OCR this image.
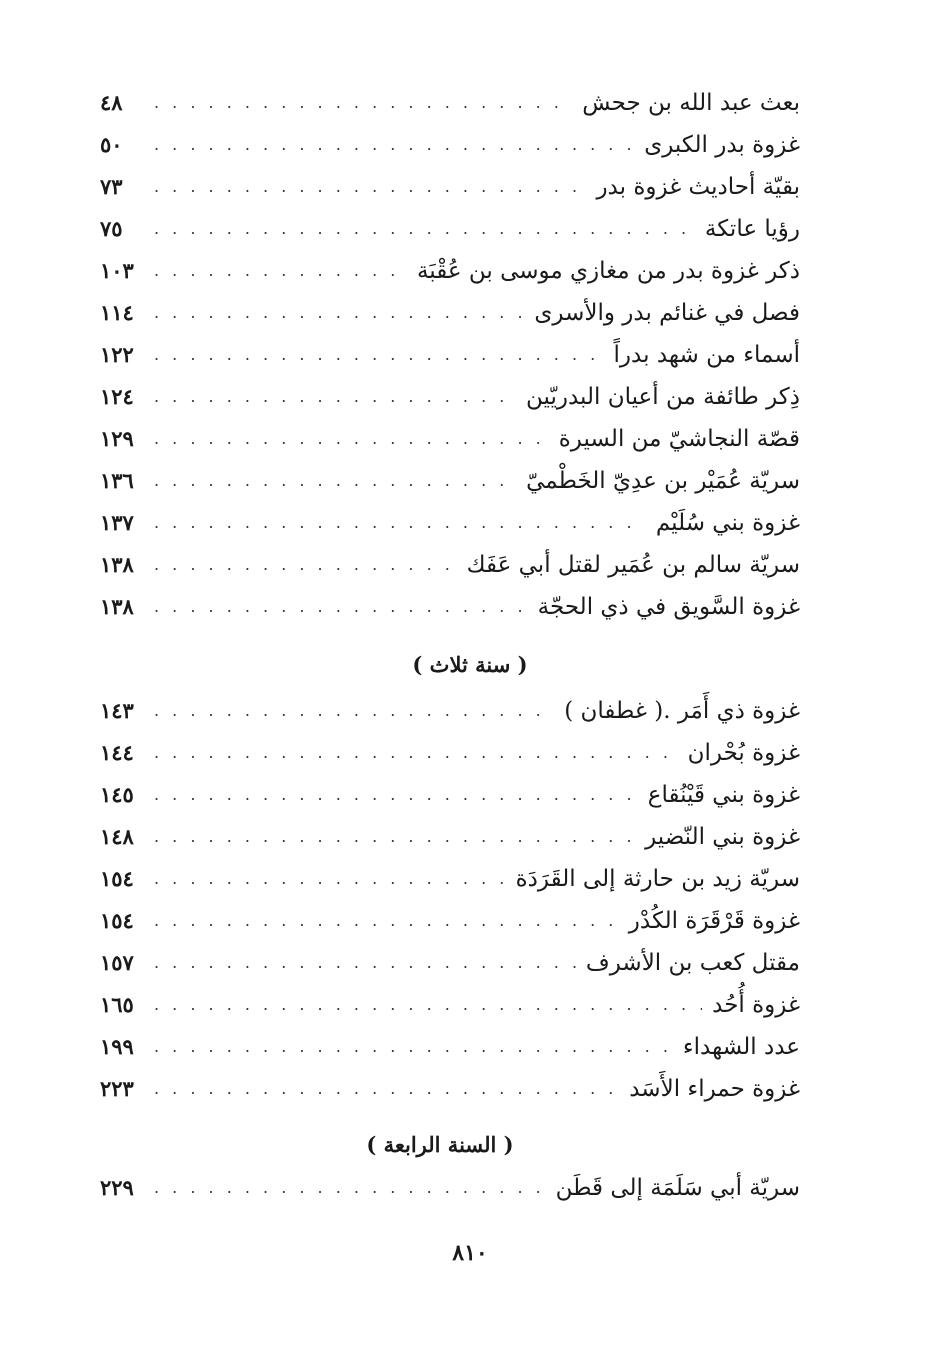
بعث عبد الله بن جحش
. . .
٤٨
غزوة بدر الكبرى
. . .
٥٠
بقيّة أحاديث غزوة بدر
. . .
٧٣
رؤيا عاتكة
. . .
٧٥
ذكر غزوة بدر من مغازي موسى بن عُقْبَة
. . .
١٠٣
فصل في غنائم بدر والأسرى
. . .
١١٤
أسماء من شهد بدراً
. . .
١٢٢
ذِكر طائفة من أعيان البدريّين
. . .
١٢٤
قصّة النجاشيّ من السيرة
. . .
١٢٩
سريّة عُمَيْر بن عدِيّ الخَطْميّ
. . .
١٣٦
غزوة بني سُلَيْم
. . .
١٣٧
سريّة سالم بن عُمَير لقتل أبي عَفَك
. . .
١٣٨
غزوة السَّويق في ذي الحجّة
. . .
١٣٨
( سنة ثلاث )
غزوة ذي أَمَر .( غطفان )
. . .
١٤٣
غزوة بُحْران
. . .
١٤٤
غزوة بني قَيْنُقاع
. . .
١٤٥
غزوة بني النّضير
. . .
١٤٨
سريّة زيد بن حارثة إلى القَرَدَة
. . .
١٥٤
غزوة قَرْقَرَة الكُدْر
. . .
١٥٤
مقتل كعب بن الأشرف
. . .
١٥٧
غزوة أُحُد
. . .
١٦٥
عدد الشهداء
. . .
١٩٩
غزوة حمراء الأَسَد
. . .
٢٢٣
( السنة الرابعة )
سريّة أبي سَلَمَة إلى قَطَن
. . .
٢٢٩
٨١٠
